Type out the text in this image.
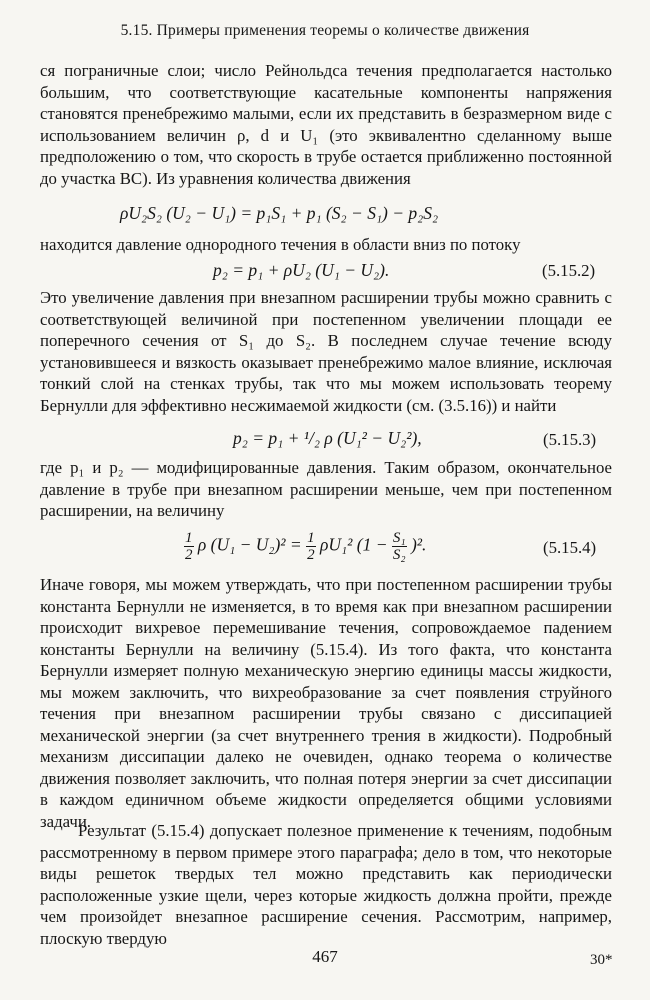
5.15. Примеры применения теоремы о количестве движения
ся пограничные слои; число Рейнольдса течения предполагается настолько большим, что соответствующие касательные компоненты напряжения становятся пренебрежимо малыми, если их представить в безразмерном виде с использованием величин ρ, d и U₁ (это эквивалентно сделанному выше предположению о том, что скорость в трубе остается приближенно постоянной до участка BC). Из уравнения количества движения
ρU₂S₂ (U₂ − U₁) = p₁S₁ + p₁ (S₂ − S₁) − p₂S₂
находится давление однородного течения в области вниз по потоку
p₂ = p₁ + ρU₂ (U₁ − U₂).	(5.15.2)
Это увеличение давления при внезапном расширении трубы можно сравнить с соответствующей величиной при постепенном увеличении площади ее поперечного сечения от S₁ до S₂. В последнем случае течение всюду установившееся и вязкость оказывает пренебрежимо малое влияние, исключая тонкий слой на стенках трубы, так что мы можем использовать теорему Бернулли для эффективно несжимаемой жидкости (см. (3.5.16)) и найти
p₂ = p₁ + ¹/₂ ρ (U₁² − U₂²),	(5.15.3)
где p₁ и p₂ — модифицированные давления. Таким образом, окончательное давление в трубе при внезапном расширении меньше, чем при постепенном расширении, на величину
$\frac{1}{2}$ ρ $(U_1 - U_2)^2 = \frac{1}{2} \rho U_1^2$ $(1 - \frac{\text{S₁}}{\text{S₂}} )^2$.	(5.15.4)
Иначе говоря, мы можем утверждать, что при постепенном расширении трубы константа Бернулли не изменяется, в то время как при внезапном расширении происходит вихревое перемешивание течения, сопровождаемое падением константы Бернулли на величину (5.15.4). Из того факта, что константа Бернулли измеряет полную механическую энергию единицы массы жидкости, мы можем заключить, что вихреобразование за счет появления струйного течения при внезапном расширении трубы связано с диссипацией механической энергии (за счет внутреннего трения в жидкости). Подробный механизм диссипации далеко не очевиден, однако теорема о количестве движения позволяет заключить, что полная потеря энергии за счет диссипации в каждом единичном объеме жидкости определяется общими условиями задачи.
Результат (5.15.4) допускает полезное применение к течениям, подобным рассмотренному в первом примере этого параграфа; дело в том, что некоторые виды решеток твердых тел можно представить как периодически расположенные узкие щели, через которые жидкость должна пройти, прежде чем произойдет внезапное расширение сечения. Рассмотрим, например, плоскую твердую
467	30*
